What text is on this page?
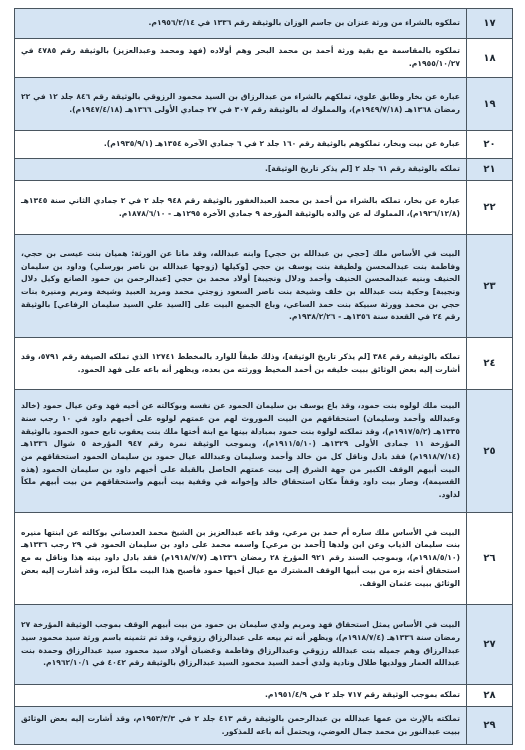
١٧
تملكوه بالشراء من ورثة عنزان بن جاسم الوزان بالوثيقة رقم ١٣٣٦ في ١٩٥٦/٢/١٤م.
١٨
تملكوه بالمقاسمة مع بقية ورثة أحمد بن محمد البحر وهم أولاده (فهد ومحمد وعبدالعزيز) بالوثيقة رقم ٤٧٨٥ في ١٩٥٥/١٠/٢٧م.
١٩
عبارة عن بخار وطابق علوي، تملكهم بالشراء من عبدالرزاق بن السيد محمود الرزوقي بالوثيقة رقم ٨٤٦ جلد ١٢ في ٢٢ رمضان ١٣٦٨هـ (١٩٤٩/٧/١٨م)، والمملوك له بالوثيقة رقم ٣٠٧ في ٢٧ جمادي الأولى ١٣٦٦هـ (١٩٤٧/٤/١٨م).
٢٠
عبارة عن بيت وبخار، تملكوهم بالوثيقة رقم ١٦٠ جلد ٢ في ٦ جمادي الآخرة ١٣٥٤هـ (١٩٣٥/٩/١م).
٢١
تملكه بالوثيقة رقم ٦١ جلد ٢ [لم يذكر تاريخ الوثيقة].
٢٢
عبارة عن بخار، تملكه بالشراء من أحمد بن محمد العبدالغفور بالوثيقة رقم ٩٤٨ جلد ٢ في ٢ جمادي الثاني سنة ١٣٤٥هـ (١٩٢٦/١٢/٨م)، المملوك له عن والده بالوثيقة المؤرخة ٩ جمادي الآخرة ١٢٩٥هـ - ١٨٧٨/٦/١٠م.
٢٣
البيت في الأساس ملك [حجي بن عبدالله بن حجي] وابنه عبدالله، وقد ماتا عن الورثة: هميان بنت عيسى بن حجي، وفاطمة بنت عبدالمحسن ولطيفة بنت يوسف بن حجي [وكيلها (زوجها عبدالله بن ناصر بورسلي) وداود بن سليمان الحنيف وبنيه عبدالمحسن الحنيف وأحمد ودلال ونجيبة] أولاد محمد بن حجي [عبدالرحمن بن حمود الصانع وكيل دلال ونجيبة] وحكية بنت عبدالله بن خلف وشيخة بنت ناصر السعود زوجتي محمد ومريد العبيد وشيخة ومريم ومنيرة بنات حجي بن محمد وورثة سبيكة بنت حمد الساعي، وباع الجميع البيت على [السيد علي السيد سليمان الرفاعي] بالوثيقة رقم ٢٤ في القعدة سنة ١٣٥٦هـ - ١٩٣٨/٢/٢٦م.
٢٤
تملكه بالوثيقة رقم ٣٨٤ [لم يذكر تاريخ الوثيقة]، وذلك طبقاً للوارد بالمخطط ١٢٧٤١ الذي تملكه الصيفة رقم ٥٧٩١، وقد أشارت إليه بعض الوثائق ببيت خليفه بن أحمد المخيط وورثته من بعده، ويظهر أنه باعه على فهد الحمود.
٢٥
البيت ملك لولوه بنت حمود، وقد باع يوسف بن سليمان الحمود عن نفسه وبوكالته عن أخيه فهد وعن عيال حمود (خالد وعبدالله وأحمد وسليمان) استحقاقهم من البيت الموروث لهم من عمتهم لولوه على أخيهم داود في ١٠ رجب سنة ١٣٣٥هـ (١٩١٧/٥/٢م)، وقد تملكته لولوة بنت حمود بمبادلة بينها مع ابنة أختها ملك بنت يعقوب تابع حمود الحمود بالوثيقة المؤرخة ١١ جمادى الأولى ١٣٢٩هـ (١٩١١/٥/١٠م)، وبموجب الوثيقة نمرة رقم ٩٤٧ المؤرخة ٥ شوال ١٣٣٦هـ (١٩١٨/٧/١٤م) فقد بادل وناقل كل من خالد وأحمد وسليمان وعبدالله عيال حمود بن سليمان الحمود استحقاقهم من البيت أبيهم الوقف الكبير من جهة الشرق إلى بيت عمتهم الحاصل بالقبلة على أخيهم داود بن سليمان الحمود (هذه القسيمة)، وصار بيت داود وقفاً مكان استحقاق خالد وإخوانه في وقفية بيت أبيهم واستحقاقهم من بيت أبيهم ملكاً لداود.
٢٦
البيت في الأساس ملك ساره أم حمد بن مرعي، وقد باعه عبدالعزيز بن الشيخ محمد العدساني بوكالته عن ابنتها منيره بنت سليمان الذياب وعن ابن ولدها [أحمد بن مرعي] واسمه محمد على داود بن سليمان الحمود في ٢٩ رجب ١٣٣٦هـ (١٩١٨/٥/١٠م)، وبموجب السند رقم ٩٢١ المؤرخ ٢٨ رمضان ١٣٣٦هـ (١٩١٨/٧/٧م) فقد بادل داود بيته هذا وناقل به مع استحقاق أخته بزه من بيت أبيها الوقف المشترك مع عيال أخيها حمود فأصبح هذا البيت ملكاً لبزه، وقد أشارت إليه بعض الوثائق ببيت عثمان الوقف.
٢٧
البيت في الأساس يمثل استحقاق فهد ومريم ولدي سليمان بن حمود من بيت أبيهم الوقف بموجب الوثيقة المؤرخة ٢٧ رمضان سنة ١٣٣٦هـ (١٩١٨/٧/٤م)، ويظهر أنه تم بيعه على عبدالرزاق رزوقي، وقد تم تثمينه باسم ورثة سيد محمود سيد عبدالرزاق وهم جميله بنت عبدالله رزوقي وعبدالرزاق وفاطمة وغضبان أولاد سيد محمود سيد عبدالرزاق وحمدة بنت عبدالله العمار وولديها طلال ونادية ولدي أحمد السيد محمود السيد عبدالرزاق بالوثيقة رقم ٤٠٤٢ في ١٩٦٢/١٠/١م.
٢٨
تملكه بموجب الوثيقة رقم ٧١٧ جلد ٢ في ١٩٥١/٤/٩م.
٢٩
تملكته بالإرث من عمها عبدالله بن عبدالرحمن بالوثيقة رقم ٤١٣ جلد ٢ في ١٩٥٣/٣/٣م، وقد أشارت إليه بعض الوثائق ببيت عبدالنور بن محمد جمال العوضي، ويحتمل أنه باعه للمذكور.
